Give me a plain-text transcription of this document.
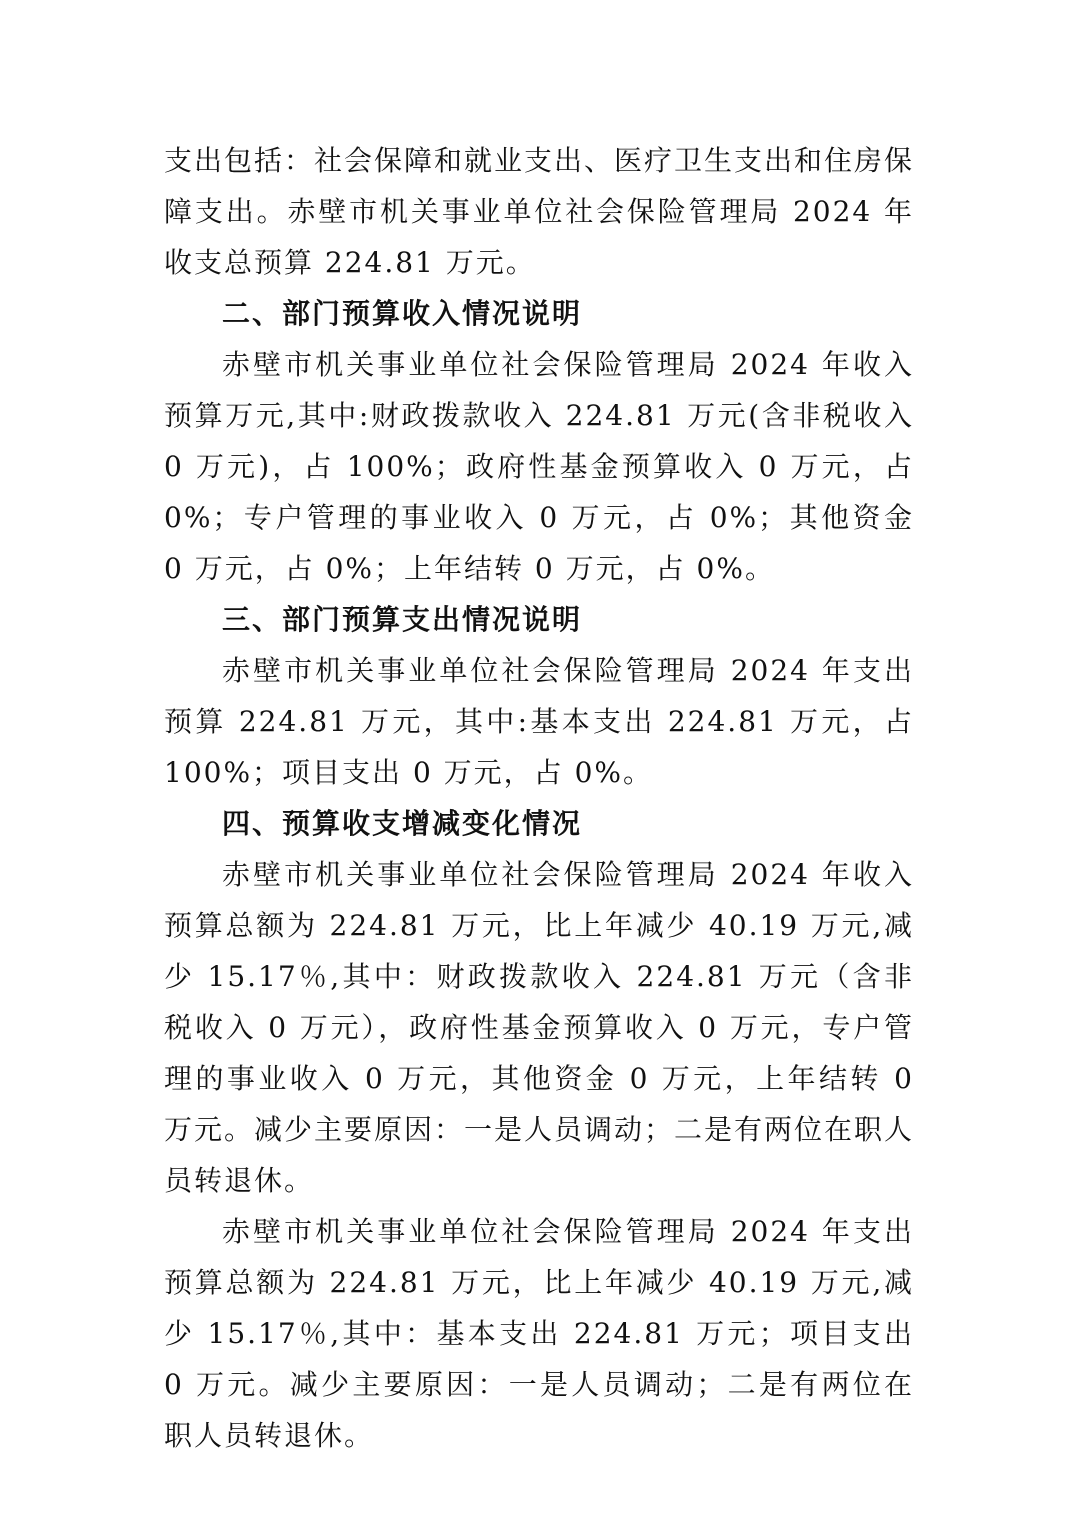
支出包括：社会保障和就业支出、医疗卫生支出和住房保障支出。赤壁市机关事业单位社会保险管理局 2024 年收支总预算 224.81 万元。

二、部门预算收入情况说明

赤壁市机关事业单位社会保险管理局 2024 年收入预算万元,其中:财政拨款收入 224.81 万元(含非税收入 0 万元)，占 100%；政府性基金预算收入 0 万元，占 0%；专户管理的事业收入 0 万元，占 0%；其他资金 0 万元，占 0%；上年结转 0 万元，占 0%。

三、部门预算支出情况说明

赤壁市机关事业单位社会保险管理局 2024 年支出预算 224.81 万元，其中:基本支出 224.81 万元，占 100%；项目支出 0 万元，占 0%。

四、预算收支增减变化情况

赤壁市机关事业单位社会保险管理局 2024 年收入预算总额为 224.81 万元，比上年减少 40.19 万元,减少 15.17％,其中：财政拨款收入 224.81 万元（含非税收入 0 万元），政府性基金预算收入 0 万元，专户管理的事业收入 0 万元，其他资金 0 万元，上年结转 0 万元。减少主要原因：一是人员调动；二是有两位在职人员转退休。

赤壁市机关事业单位社会保险管理局 2024 年支出预算总额为 224.81 万元，比上年减少 40.19 万元,减少 15.17％,其中：基本支出 224.81 万元；项目支出 0 万元。减少主要原因：一是人员调动；二是有两位在职人员转退休。
